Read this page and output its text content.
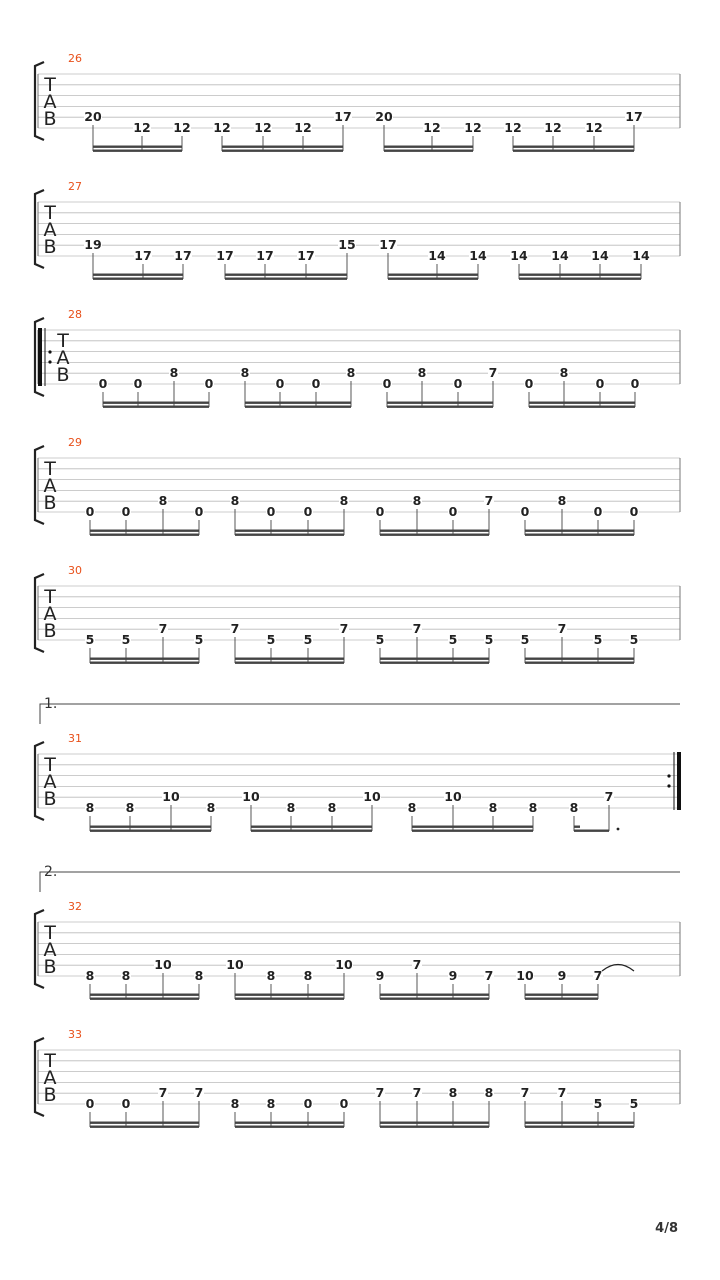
26
T
A
B 20
12 12 12 12 12
17 20
12 12 12 12 12
17
27
T
A
B 19
17 17 17 17 17
15 17
14 14 14 14 14 14
28
T
A
B 0 0
8
0
8
0 0
8
0
8
0
7
0
8
0 0
29
T
A
B 0 0
8
0
8
0 0
8
0
8
0
7
0
8
0 0
30
T
A
B 5 5
7
5
7
5 5
7
5
7
5 5 5
7
5 5
1.
31
T
A
B 8	8
10
8
10
8	8
10
8
10
8	8	8
7
2.
32
T
A
B 8 8
10
8
10
8 8
10
9
7
9 7 10 9 7
33
T
A
B 0 0
7 7
8 8 0 0
7 7 8 8 7 7
5 5
4/8
